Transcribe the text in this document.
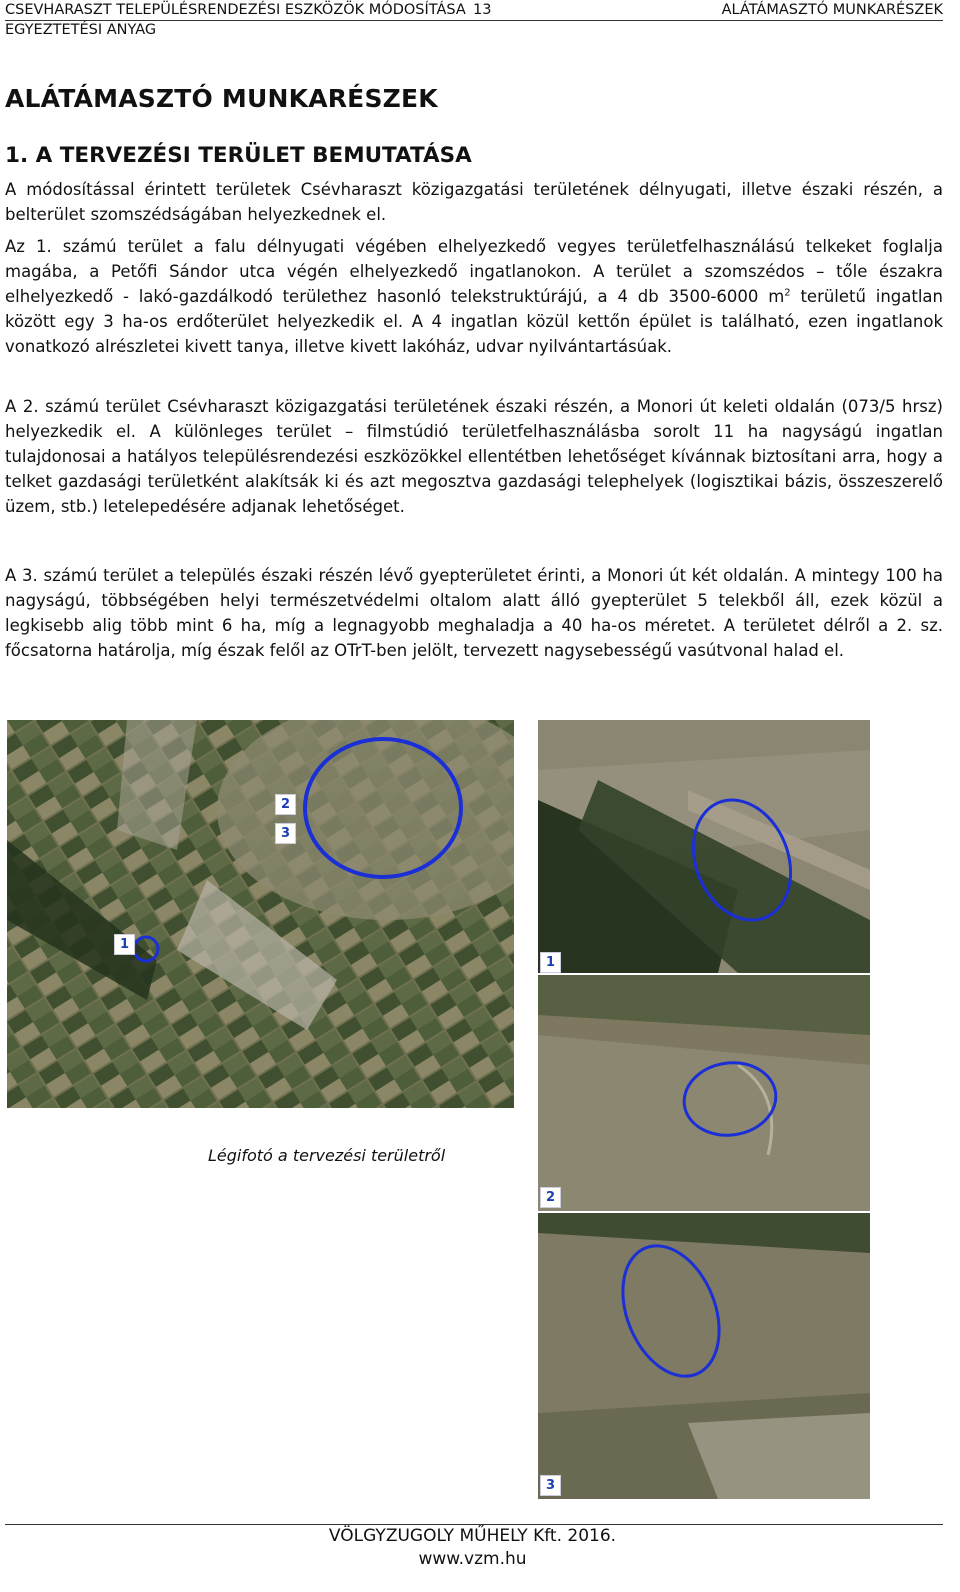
CSEVHARASZT TELEPÜLÉSRENDEZÉSI ESZKÖZÖK MÓDOSÍTÁSA 13	ALÁTÁMASZTÓ MUNKARÉSZEK
EGYEZTETÉSI ANYAG
ALÁTÁMASZTÓ MUNKARÉSZEK
1. A TERVEZÉSI TERÜLET BEMUTATÁSA

A módosítással érintett területek Csévharaszt közigazgatási területének délnyugati, illetve északi részén, a belterület szomszédságában helyezkednek el.

Az 1. számú terület a falu délnyugati végében elhelyezkedő vegyes területfelhasználású telkeket foglalja magába, a Petőfi Sándor utca végén elhelyezkedő ingatlanokon. A terület a szomszédos – tőle északra elhelyezkedő - lakó-gazdálkodó területhez hasonló telekstruktúrájú, a 4 db 3500-6000 $m^2$ területű ingatlan között egy 3 ha-os erdőterület helyezkedik el. A 4 ingatlan közül kettőn épület is található, ezen ingatlanok vonatkozó alrészletei kivett tanya, illetve kivett lakóház, udvar nyilvántartásúak.

A 2. számú terület Csévharaszt közigazgatási területének északi részén, a Monori út keleti oldalán (073/5 hrsz) helyezkedik el. A különleges terület – filmstúdió területfelhasználásba sorolt 11 ha nagyságú ingatlan tulajdonosai a hatályos településrendezési eszközökkel ellentétben lehetőséget kívánnak biztosítani arra, hogy a telket gazdasági területként alakítsák ki és azt megosztva gazdasági telephelyek (logisztikai bázis, összeszerelő üzem, stb.) letelepedésére adjanak lehetőséget.

A 3. számú terület a település északi részén lévő gyepterületet érinti, a Monori út két oldalán. A mintegy 100 ha nagyságú, többségében helyi természetvédelmi oltalom alatt álló gyepterület 5 telekből áll, ezek közül a legkisebb alig több mint 6 ha, míg a legnagyobb meghaladja a 40 ha-os méretet. A területet délről a 2. sz. főcsatorna határolja, míg észak felől az OTrT-ben jelölt, tervezett nagysebességű vasútvonal halad el.

2
3
1
Légifotó a tervezési területről
1
2
3
VÖLGYZUGOLY MŰHELY Kft. 2016.
www.vzm.hu
